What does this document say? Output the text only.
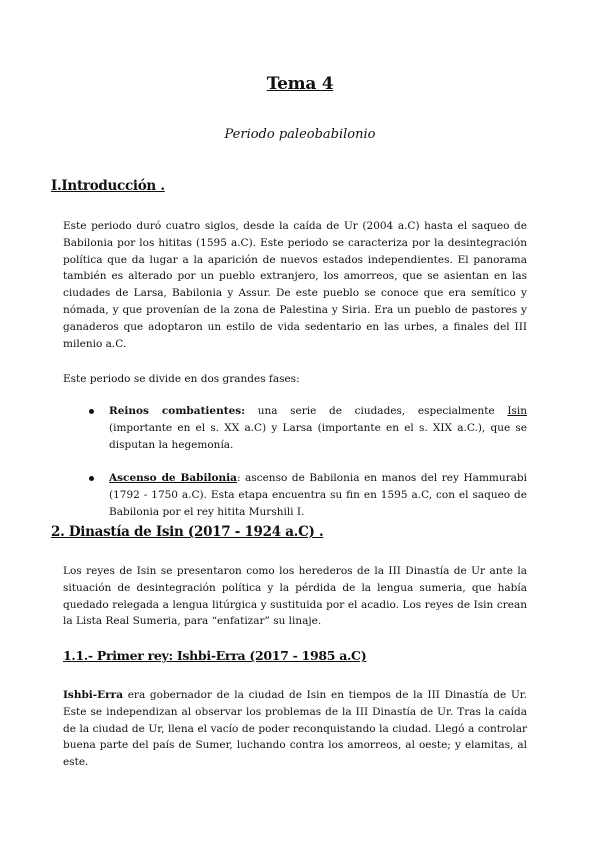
Tema 4
Periodo paleobabilonio
I.Introducción .
Este periodo duró cuatro siglos, desde la caída de Ur (2004 a.C) hasta el saqueo de Babilonia por los hititas (1595 a.C). Este periodo se caracteriza por la desintegración política que da lugar a la aparición de nuevos estados independientes. El panorama también es alterado por un pueblo extranjero, los amorreos, que se asientan en las ciudades de Larsa, Babilonia y Assur. De este pueblo se conoce que era semítico y nómada, y que provenían de la zona de Palestina y Siria. Era un pueblo de pastores y ganaderos que adoptaron un estilo de vida sedentario en las urbes, a finales del III milenio a.C.
Este periodo se divide en dos grandes fases:
Reinos combatientes: una serie de ciudades, especialmente Isin (importante en el s. XX a.C) y Larsa (importante en el s. XIX a.C.), que se disputan la hegemonía.
Ascenso de Babilonia: ascenso de Babilonia en manos del rey Hammurabi (1792 - 1750 a.C). Esta etapa encuentra su fin en 1595 a.C, con el saqueo de Babilonia por el rey hitita Murshili I.
2. Dinastía de Isin (2017 - 1924 a.C) .
Los reyes de Isin se presentaron como los herederos de la III Dinastía de Ur ante la situación de desintegración política y la pérdida de la lengua sumeria, que había quedado relegada a lengua litúrgica y sustituida por el acadio. Los reyes de Isin crean la Lista Real Sumeria, para “enfatizar” su linaje.
1.1.- Primer rey: Ishbi-Erra (2017 - 1985 a.C)
Ishbi-Erra era gobernador de la ciudad de Isin en tiempos de la III Dinastía de Ur. Este se independizan al observar los problemas de la III Dinastía de Ur. Tras la caída de la ciudad de Ur, llena el vacío de poder reconquistando la ciudad. Llegó a controlar buena parte del país de Sumer, luchando contra los amorreos, al oeste; y elamitas, al este.
